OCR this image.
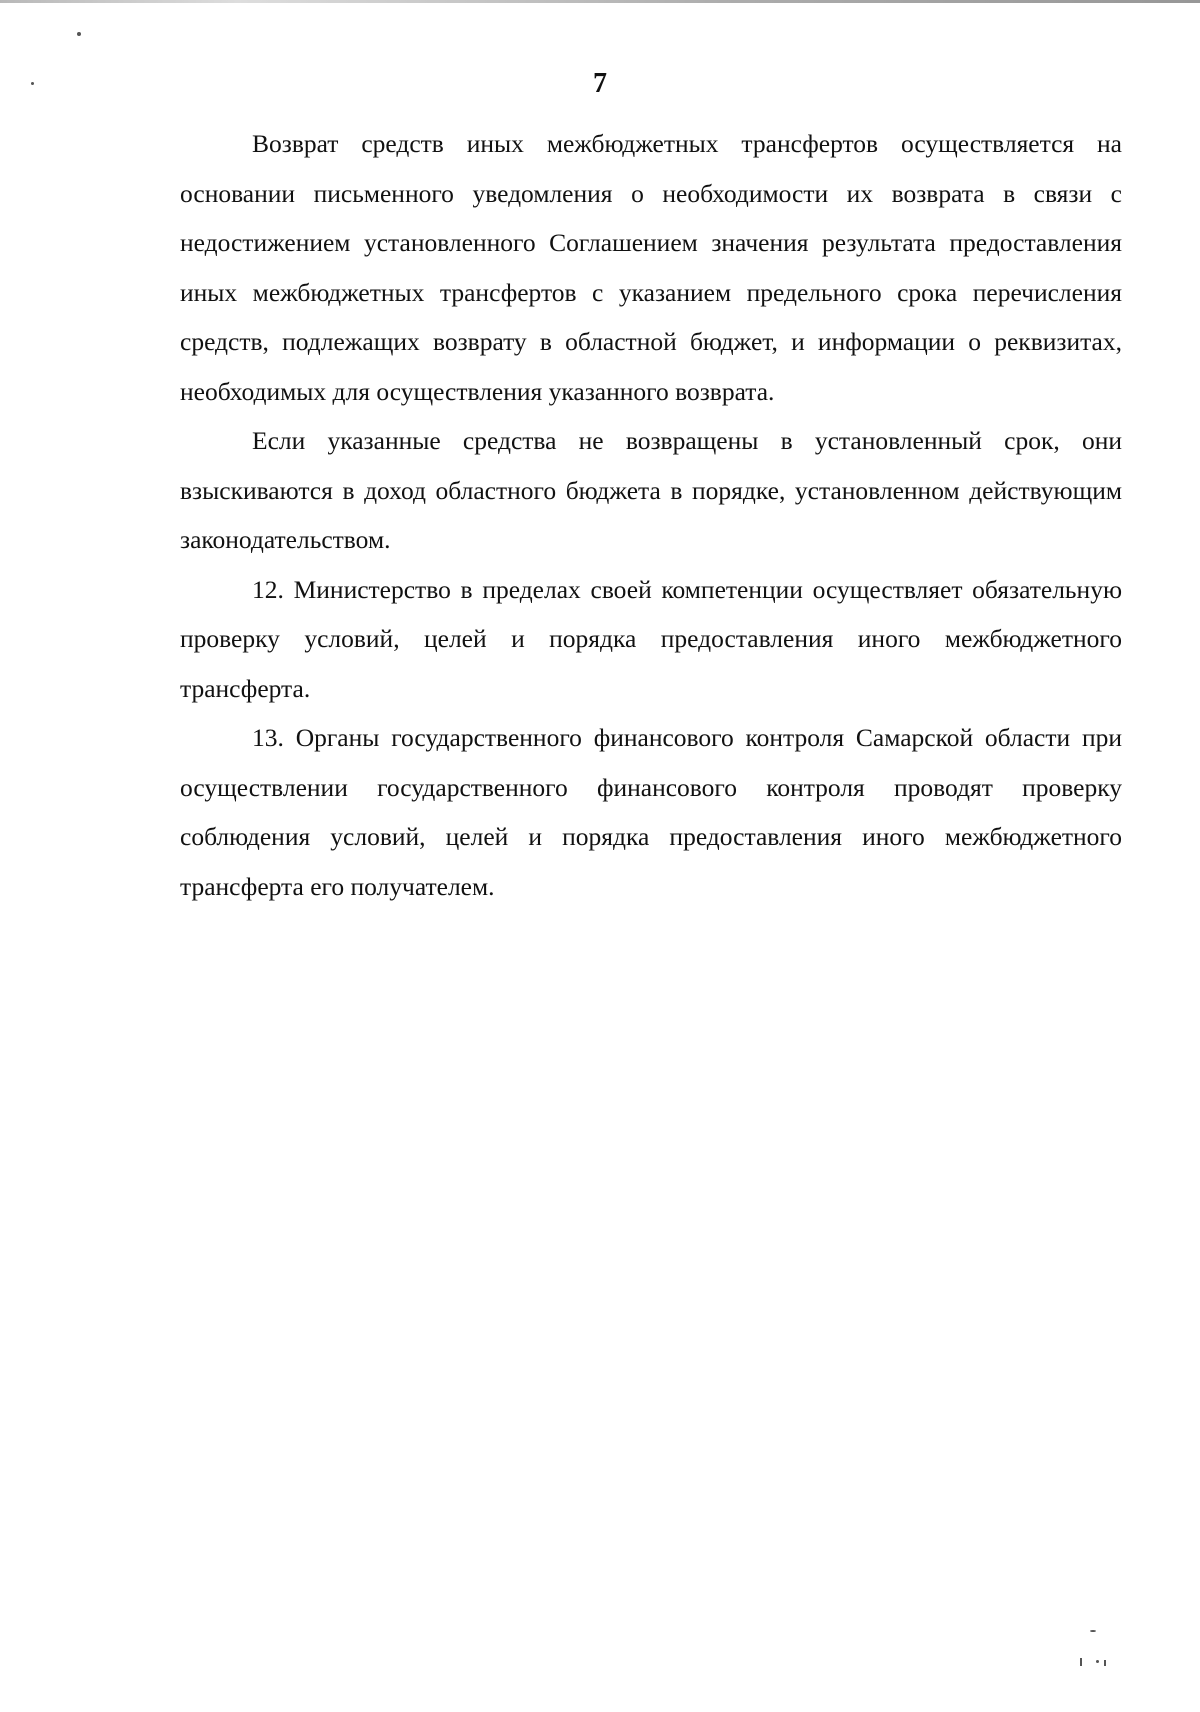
7

Возврат средств иных межбюджетных трансфертов осуществляется на основании письменного уведомления о необходимости их возврата в связи с недостижением установленного Соглашением значения результата предоставления иных межбюджетных трансфертов с указанием предельного срока перечисления средств, подлежащих возврату в областной бюджет, и информации о реквизитах, необходимых для осуществления указанного возврата.

Если указанные средства не возвращены в установленный срок, они взыскиваются в доход областного бюджета в порядке, установленном действующим законодательством.

12. Министерство в пределах своей компетенции осуществляет обязательную проверку условий, целей и порядка предоставления иного межбюджетного трансферта.

13. Органы государственного финансового контроля Самарской области при осуществлении государственного финансового контроля проводят проверку соблюдения условий, целей и порядка предоставления иного межбюджетного трансферта его получателем.
